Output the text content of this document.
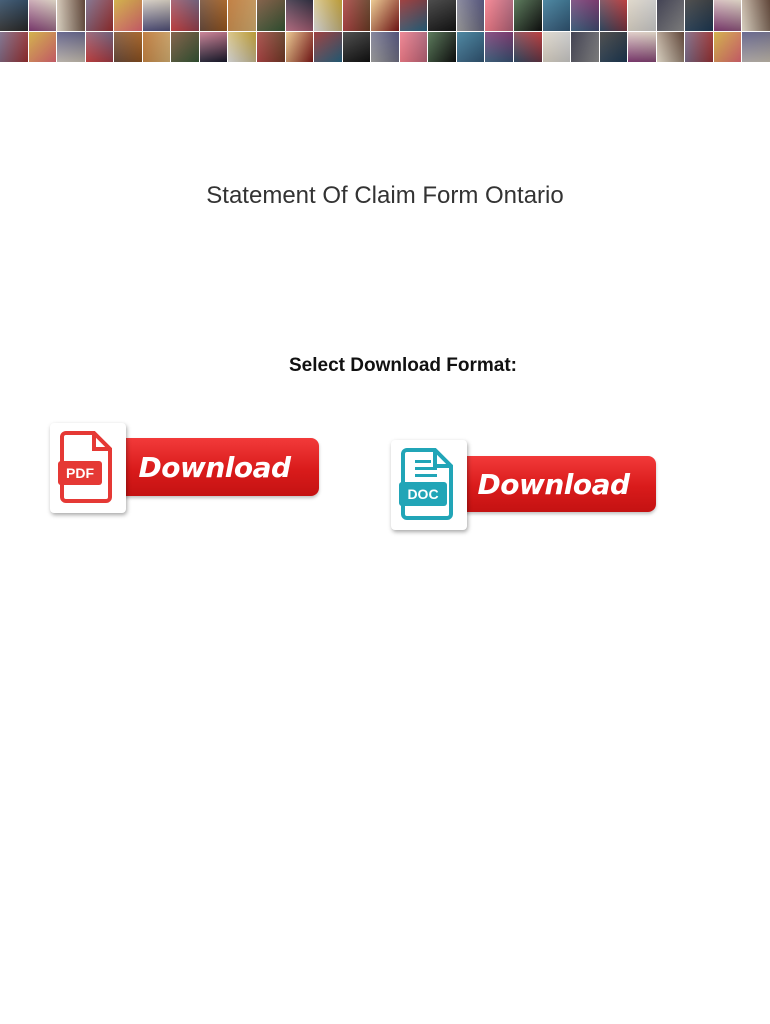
Statement Of Claim Form Ontario
Select Download Format:
PDF Download
DOC Download
